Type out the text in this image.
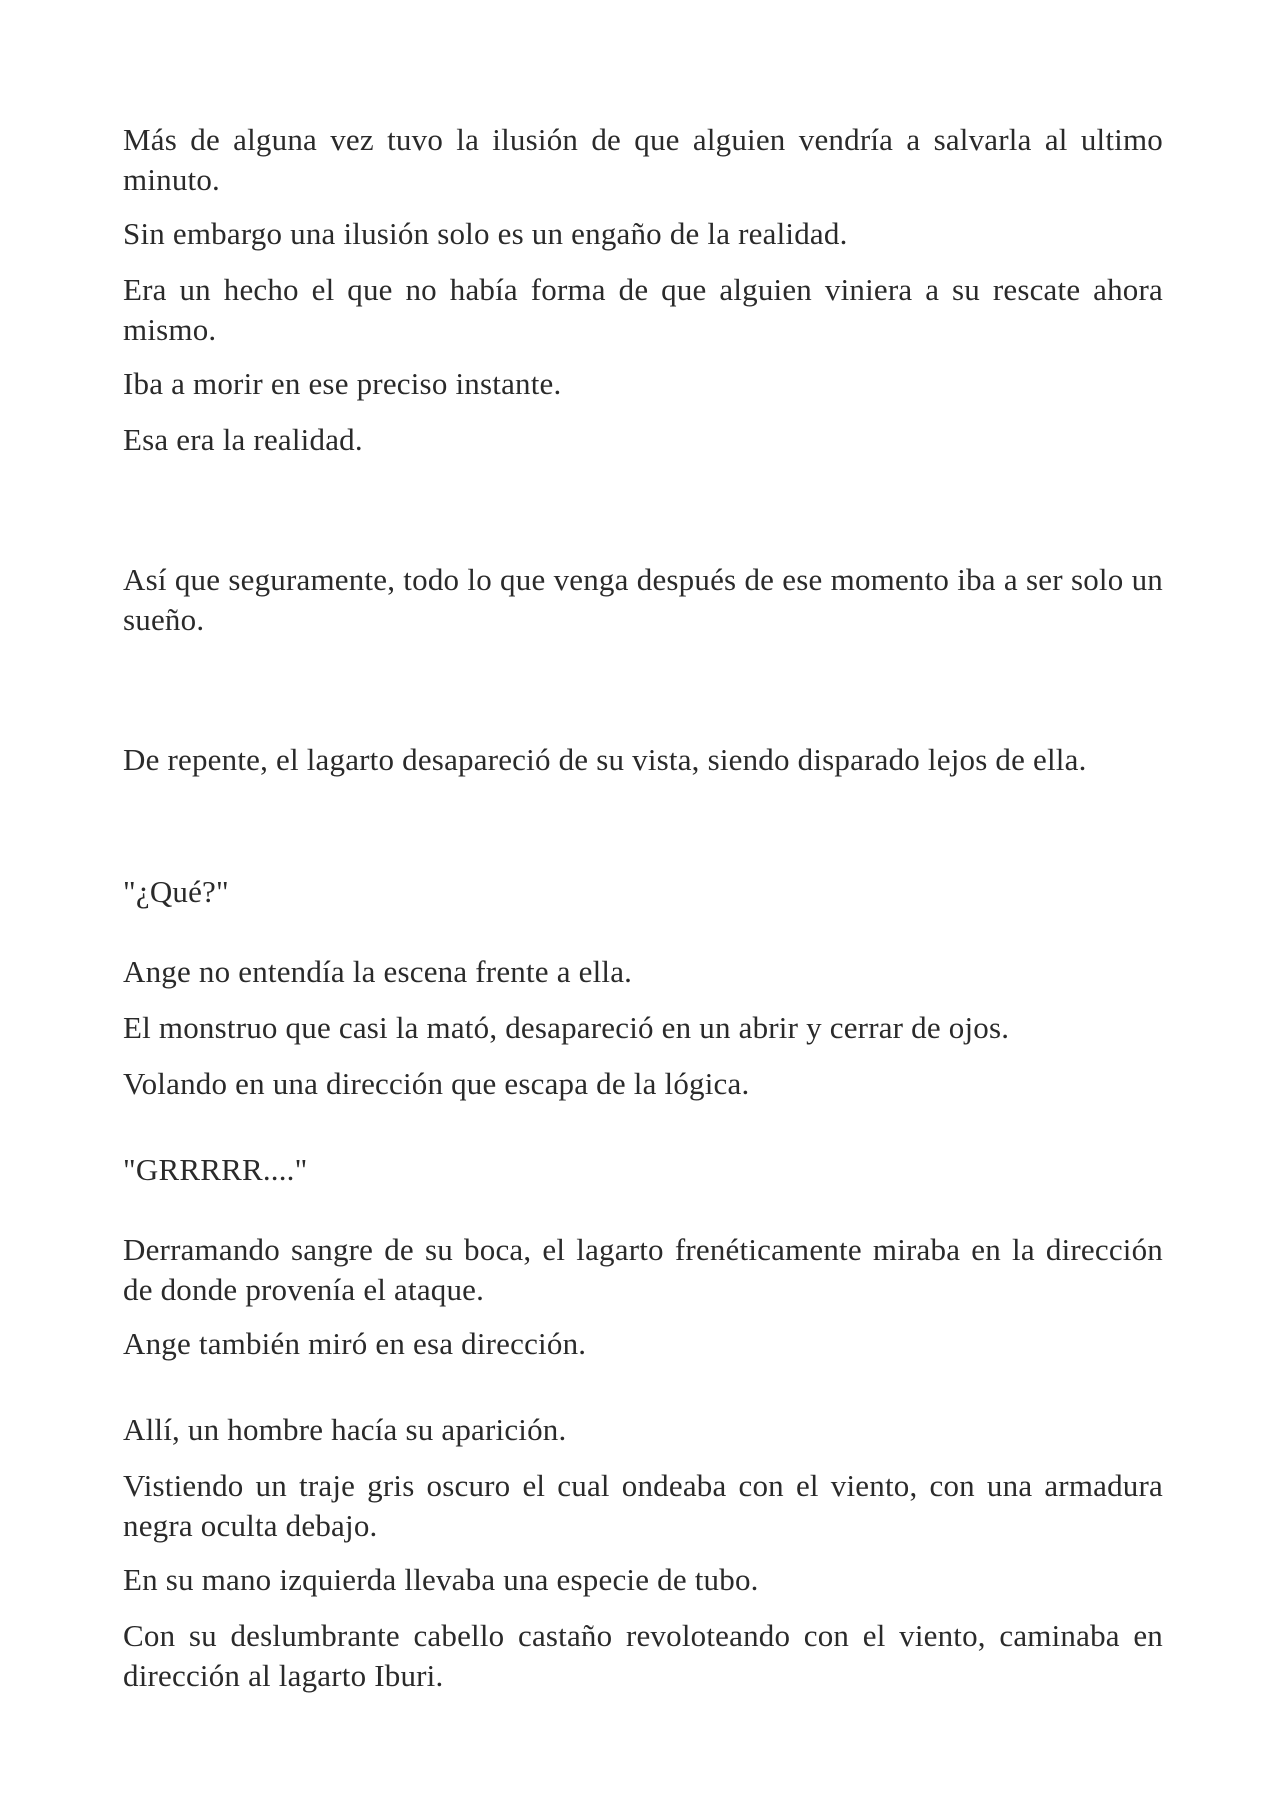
Más de alguna vez tuvo la ilusión de que alguien vendría a salvarla al ultimo minuto.

Sin embargo una ilusión solo es un engaño de la realidad.

Era un hecho el que no había forma de que alguien viniera a su rescate ahora mismo.

Iba a morir en ese preciso instante.

Esa era la realidad.

Así que seguramente, todo lo que venga después de ese momento iba a ser solo un sueño.

De repente, el lagarto desapareció de su vista, siendo disparado lejos de ella.

"¿Qué?"

Ange no entendía la escena frente a ella.

El monstruo que casi la mató, desapareció en un abrir y cerrar de ojos.

Volando en una dirección que escapa de la lógica.

"GRRRRR...."

Derramando sangre de su boca, el lagarto frenéticamente miraba en la dirección de donde provenía el ataque.

Ange también miró en esa dirección.

Allí, un hombre hacía su aparición.

Vistiendo un traje gris oscuro el cual ondeaba con el viento, con una armadura negra oculta debajo.

En su mano izquierda llevaba una especie de tubo.

Con su deslumbrante cabello castaño revoloteando con el viento, caminaba en dirección al lagarto Iburi.
